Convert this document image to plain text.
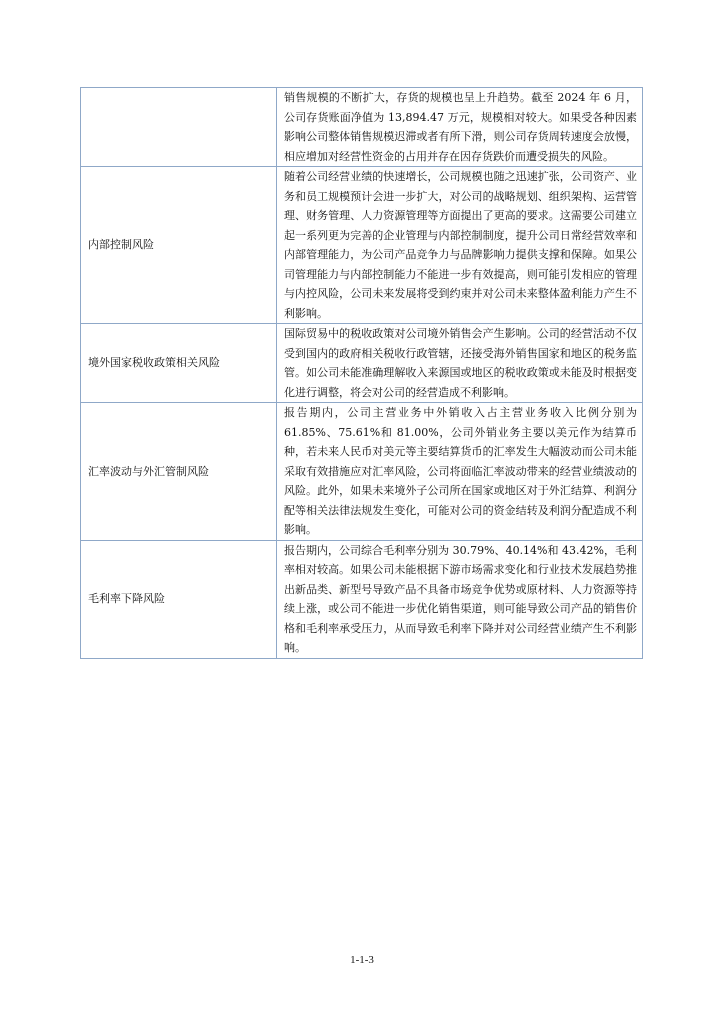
	销售规模的不断扩大，存货的规模也呈上升趋势。截至 2024 年 6 月，公司存货账面净值为 13,894.47 万元，规模相对较大。如果受各种因素影响公司整体销售规模迟滞或者有所下滑，则公司存货周转速度会放慢，相应增加对经营性资金的占用并存在因存货跌价而遭受损失的风险。
内部控制风险	随着公司经营业绩的快速增长，公司规模也随之迅速扩张，公司资产、业务和员工规模预计会进一步扩大，对公司的战略规划、组织架构、运营管理、财务管理、人力资源管理等方面提出了更高的要求。这需要公司建立起一系列更为完善的企业管理与内部控制制度，提升公司日常经营效率和内部管理能力，为公司产品竞争力与品牌影响力提供支撑和保障。如果公司管理能力与内部控制能力不能进一步有效提高，则可能引发相应的管理与内控风险，公司未来发展将受到约束并对公司未来整体盈利能力产生不利影响。
境外国家税收政策相关风险	国际贸易中的税收政策对公司境外销售会产生影响。公司的经营活动不仅受到国内的政府相关税收行政管辖，还接受海外销售国家和地区的税务监管。如公司未能准确理解收入来源国或地区的税收政策或未能及时根据变化进行调整，将会对公司的经营造成不利影响。
汇率波动与外汇管制风险	报告期内，公司主营业务中外销收入占主营业务收入比例分别为 61.85%、75.61%和 81.00%，公司外销业务主要以美元作为结算币种，若未来人民币对美元等主要结算货币的汇率发生大幅波动而公司未能采取有效措施应对汇率风险，公司将面临汇率波动带来的经营业绩波动的风险。此外，如果未来境外子公司所在国家或地区对于外汇结算、利润分配等相关法律法规发生变化，可能对公司的资金结转及利润分配造成不利影响。
毛利率下降风险	报告期内，公司综合毛利率分别为 30.79%、40.14%和 43.42%，毛利率相对较高。如果公司未能根据下游市场需求变化和行业技术发展趋势推出新品类、新型号导致产品不具备市场竞争优势或原材料、人力资源等持续上涨，或公司不能进一步优化销售渠道，则可能导致公司产品的销售价格和毛利率承受压力，从而导致毛利率下降并对公司经营业绩产生不利影响。
1-1-3
